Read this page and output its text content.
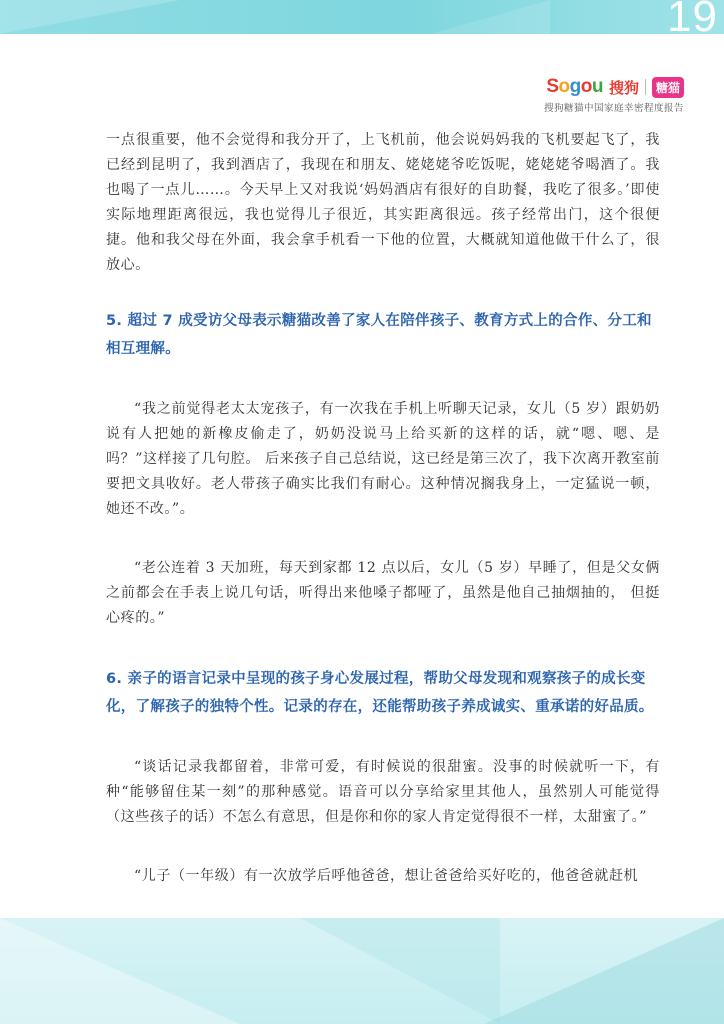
19
Sogou 搜狗	糖猫
搜狗糖猫中国家庭幸密程度报告

一点很重要，他不会觉得和我分开了，上飞机前，他会说妈妈我的飞机要起飞了，我已经到昆明了，我到酒店了，我现在和朋友、姥姥姥爷吃饭呢，姥姥姥爷喝酒了。我也喝了一点儿……。今天早上又对我说‘妈妈酒店有很好的自助餐，我吃了很多。’即使实际地理距离很远，我也觉得儿子很近，其实距离很远。孩子经常出门，这个很便捷。他和我父母在外面，我会拿手机看一下他的位置，大概就知道他做干什么了，很放心。

5. 超过 7 成受访父母表示糖猫改善了家人在陪伴孩子、教育方式上的合作、分工和相互理解。

“我之前觉得老太太宠孩子，有一次我在手机上听聊天记录，女儿（5 岁）跟奶奶说有人把她的新橡皮偷走了，奶奶没说马上给买新的这样的话，就“嗯、嗯、是吗？”这样接了几句腔。 后来孩子自己总结说，这已经是第三次了，我下次离开教室前要把文具收好。老人带孩子确实比我们有耐心。这种情况搁我身上，一定猛说一顿，她还不改。”。

“老公连着 3 天加班，每天到家都 12 点以后，女儿（5 岁）早睡了，但是父女俩之前都会在手表上说几句话，听得出来他嗓子都哑了，虽然是他自己抽烟抽的， 但挺心疼的。”

6. 亲子的语言记录中呈现的孩子身心发展过程，帮助父母发现和观察孩子的成长变化，了解孩子的独特个性。记录的存在，还能帮助孩子养成诚实、重承诺的好品质。

“谈话记录我都留着，非常可爱，有时候说的很甜蜜。没事的时候就听一下，有种“能够留住某一刻”的那种感觉。语音可以分享给家里其他人，虽然别人可能觉得（这些孩子的话）不怎么有意思，但是你和你的家人肯定觉得很不一样，太甜蜜了。”

“儿子（一年级）有一次放学后呼他爸爸，想让爸爸给买好吃的，他爸爸就赶机
